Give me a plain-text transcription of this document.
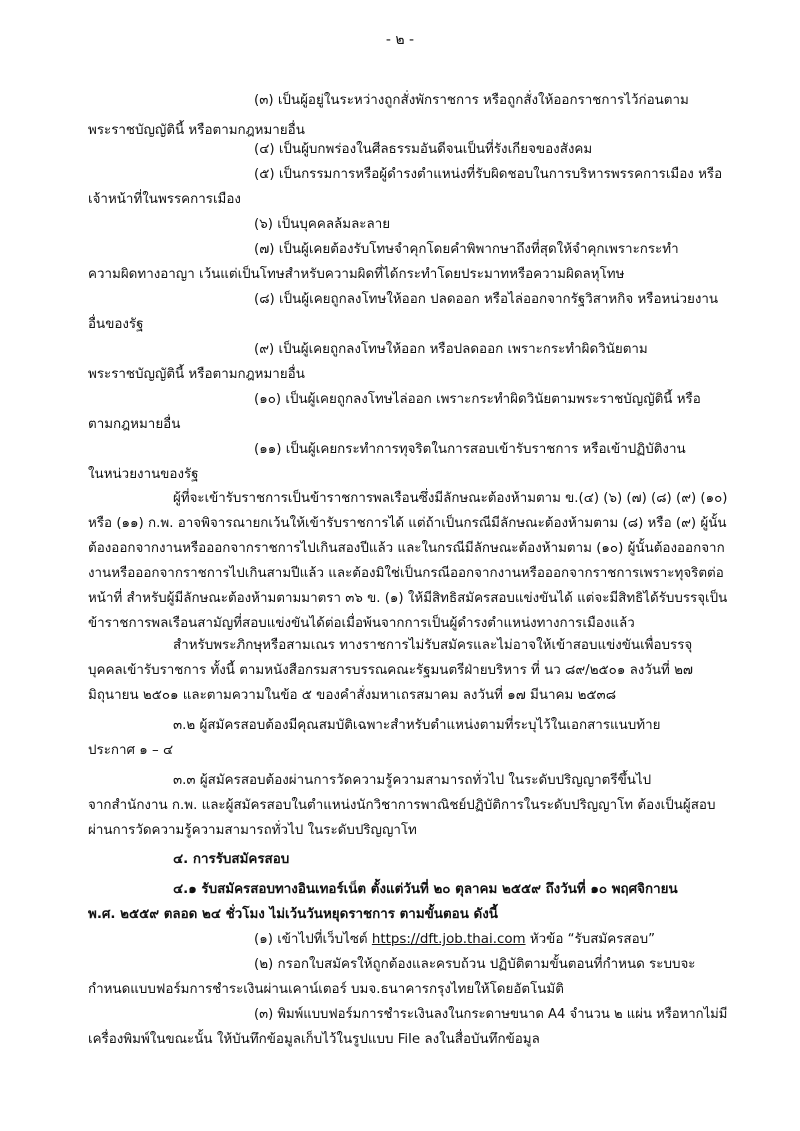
- ๒ -
(๓) เป็นผู้อยู่ในระหว่างถูกสั่งพักราชการ หรือถูกสั่งให้ออกราชการไว้ก่อนตาม
พระราชบัญญัตินี้ หรือตามกฎหมายอื่น
(๔) เป็นผู้บกพร่องในศีลธรรมอันดีจนเป็นที่รังเกียจของสังคม
(๕) เป็นกรรมการหรือผู้ดำรงตำแหน่งที่รับผิดชอบในการบริหารพรรคการเมือง หรือ
เจ้าหน้าที่ในพรรคการเมือง
(๖) เป็นบุคคลล้มละลาย
(๗) เป็นผู้เคยต้องรับโทษจำคุกโดยคำพิพากษาถึงที่สุดให้จำคุกเพราะกระทำ
ความผิดทางอาญา เว้นแต่เป็นโทษสำหรับความผิดที่ได้กระทำโดยประมาทหรือความผิดลหุโทษ
(๘) เป็นผู้เคยถูกลงโทษให้ออก ปลดออก หรือไล่ออกจากรัฐวิสาหกิจ หรือหน่วยงาน
อื่นของรัฐ
(๙) เป็นผู้เคยถูกลงโทษให้ออก หรือปลดออก เพราะกระทำผิดวินัยตาม
พระราชบัญญัตินี้ หรือตามกฎหมายอื่น
(๑๐) เป็นผู้เคยถูกลงโทษไล่ออก เพราะกระทำผิดวินัยตามพระราชบัญญัตินี้ หรือ
ตามกฎหมายอื่น
(๑๑) เป็นผู้เคยกระทำการทุจริตในการสอบเข้ารับราชการ หรือเข้าปฏิบัติงาน
ในหน่วยงานของรัฐ
ผู้ที่จะเข้ารับราชการเป็นข้าราชการพลเรือนซึ่งมีลักษณะต้องห้ามตาม ข.(๔) (๖) (๗) (๘) (๙) (๑๐)
หรือ (๑๑) ก.พ. อาจพิจารณายกเว้นให้เข้ารับราชการได้ แต่ถ้าเป็นกรณีมีลักษณะต้องห้ามตาม (๘) หรือ (๙) ผู้นั้น
ต้องออกจากงานหรือออกจากราชการไปเกินสองปีแล้ว และในกรณีมีลักษณะต้องห้ามตาม (๑๐) ผู้นั้นต้องออกจาก
งานหรือออกจากราชการไปเกินสามปีแล้ว และต้องมิใช่เป็นกรณีออกจากงานหรือออกจากราชการเพราะทุจริตต่อ
หน้าที่ สำหรับผู้มีลักษณะต้องห้ามตามมาตรา ๓๖ ข. (๑) ให้มีสิทธิสมัครสอบแข่งขันได้ แต่จะมีสิทธิได้รับบรรจุเป็น
ข้าราชการพลเรือนสามัญที่สอบแข่งขันได้ต่อเมื่อพ้นจากการเป็นผู้ดำรงตำแหน่งทางการเมืองแล้ว
สำหรับพระภิกษุหรือสามเณร ทางราชการไม่รับสมัครและไม่อาจให้เข้าสอบแข่งขันเพื่อบรรจุ
บุคคลเข้ารับราชการ ทั้งนี้ ตามหนังสือกรมสารบรรณคณะรัฐมนตรีฝ่ายบริหาร ที่ นว ๘๙/๒๕๐๑ ลงวันที่ ๒๗
มิถุนายน ๒๕๐๑ และตามความในข้อ ๕ ของคำสั่งมหาเถรสมาคม ลงวันที่ ๑๗ มีนาคม ๒๕๓๘
๓.๒ ผู้สมัครสอบต้องมีคุณสมบัติเฉพาะสำหรับตำแหน่งตามที่ระบุไว้ในเอกสารแนบท้าย
ประกาศ ๑ – ๔
๓.๓ ผู้สมัครสอบต้องผ่านการวัดความรู้ความสามารถทั่วไป ในระดับปริญญาตรีขึ้นไป
จากสำนักงาน ก.พ. และผู้สมัครสอบในตำแหน่งนักวิชาการพาณิชย์ปฏิบัติการในระดับปริญญาโท ต้องเป็นผู้สอบ
ผ่านการวัดความรู้ความสามารถทั่วไป ในระดับปริญญาโท
๔. การรับสมัครสอบ
๔.๑ รับสมัครสอบทางอินเทอร์เน็ต ตั้งแต่วันที่ ๒๐ ตุลาคม ๒๕๕๙ ถึงวันที่ ๑๐ พฤศจิกายน
พ.ศ. ๒๕๕๙ ตลอด ๒๔ ชั่วโมง ไม่เว้นวันหยุดราชการ ตามขั้นตอน ดังนี้
(๑) เข้าไปที่เว็บไซต์ https://dft.job.thai.com หัวข้อ “รับสมัครสอบ”
(๒) กรอกใบสมัครให้ถูกต้องและครบถ้วน ปฏิบัติตามขั้นตอนที่กำหนด ระบบจะ
กำหนดแบบฟอร์มการชำระเงินผ่านเคาน์เตอร์ บมจ.ธนาคารกรุงไทยให้โดยอัตโนมัติ
(๓) พิมพ์แบบฟอร์มการชำระเงินลงในกระดาษขนาด A4 จำนวน ๒ แผ่น หรือหากไม่มี
เครื่องพิมพ์ในขณะนั้น ให้บันทึกข้อมูลเก็บไว้ในรูปแบบ File ลงในสื่อบันทึกข้อมูล
